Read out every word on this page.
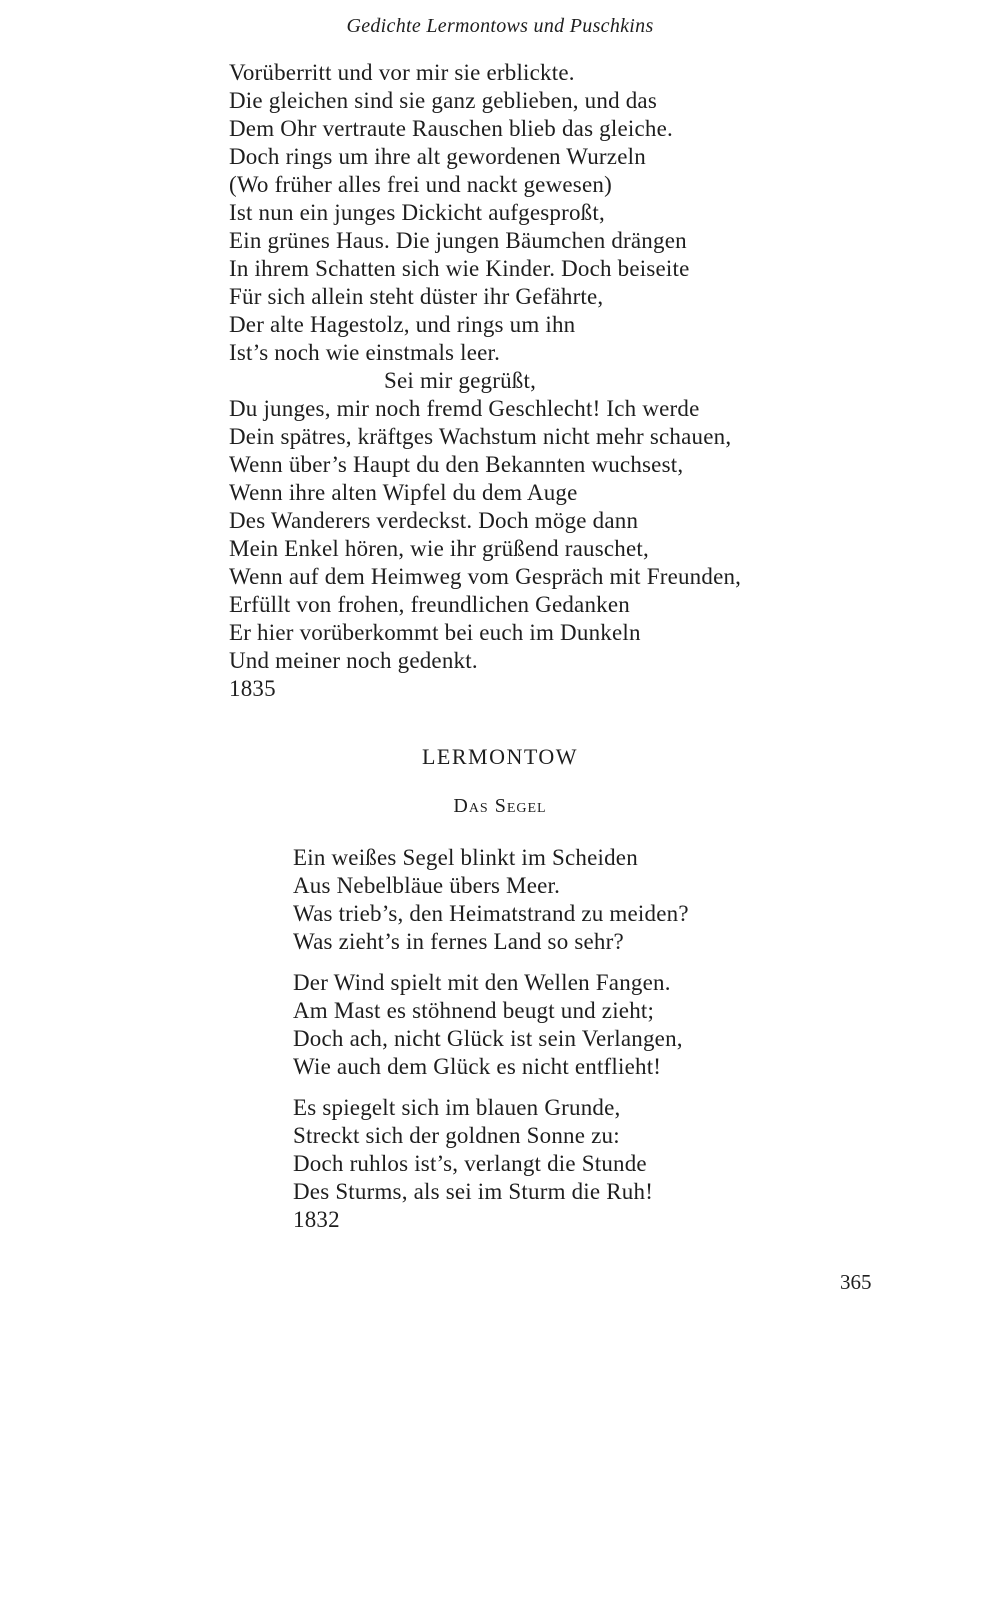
Gedichte Lermontows und Puschkins
Vorüberritt und vor mir sie erblickte.
Die gleichen sind sie ganz geblieben, und das
Dem Ohr vertraute Rauschen blieb das gleiche.
Doch rings um ihre alt gewordenen Wurzeln
(Wo früher alles frei und nackt gewesen)
Ist nun ein junges Dickicht aufgesproßt,
Ein grünes Haus. Die jungen Bäumchen drängen
In ihrem Schatten sich wie Kinder. Doch beiseite
Für sich allein steht düster ihr Gefährte,
Der alte Hagestolz, und rings um ihn
Ist’s noch wie einstmals leer.
Sei mir gegrüßt,
Du junges, mir noch fremd Geschlecht! Ich werde
Dein spätres, kräftges Wachstum nicht mehr schauen,
Wenn über’s Haupt du den Bekannten wuchsest,
Wenn ihre alten Wipfel du dem Auge
Des Wanderers verdeckst. Doch möge dann
Mein Enkel hören, wie ihr grüßend rauschet,
Wenn auf dem Heimweg vom Gespräch mit Freunden,
Erfüllt von frohen, freundlichen Gedanken
Er hier vorüberkommt bei euch im Dunkeln
Und meiner noch gedenkt.
1835
LERMONTOW
Das Segel
Ein weißes Segel blinkt im Scheiden
Aus Nebelbläue übers Meer.
Was trieb’s, den Heimatstrand zu meiden?
Was zieht’s in fernes Land so sehr?
Der Wind spielt mit den Wellen Fangen.
Am Mast es stöhnend beugt und zieht;
Doch ach, nicht Glück ist sein Verlangen,
Wie auch dem Glück es nicht entflieht!
Es spiegelt sich im blauen Grunde,
Streckt sich der goldnen Sonne zu:
Doch ruhlos ist’s, verlangt die Stunde
Des Sturms, als sei im Sturm die Ruh!
1832
365
